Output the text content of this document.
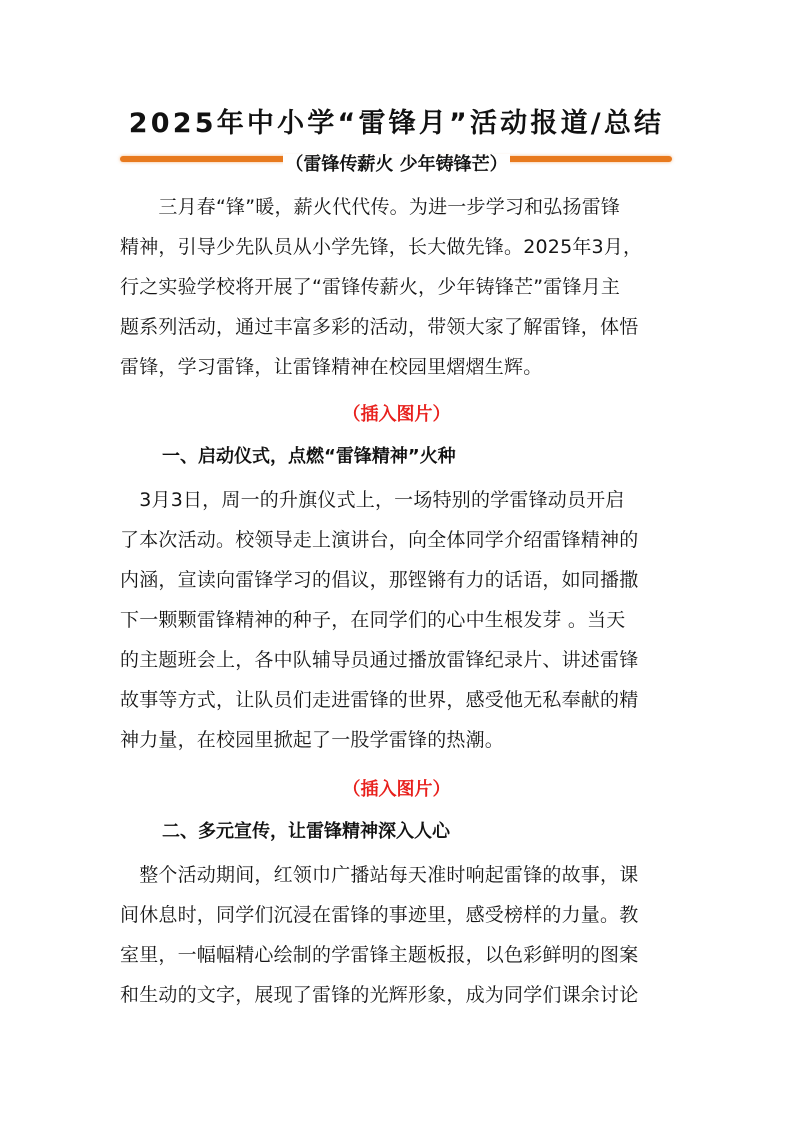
2025年中小学“雷锋月”活动报道/总结
（雷锋传薪火 少年铸锋芒）
　　三月春“锋”暖，薪火代代传。为进一步学习和弘扬雷锋
精神，引导少先队员从小学先锋，长大做先锋。2025年3月，
行之实验学校将开展了“雷锋传薪火，少年铸锋芒”雷锋月主
题系列活动，通过丰富多彩的活动，带领大家了解雷锋，体悟
雷锋，学习雷锋，让雷锋精神在校园里熠熠生辉。
（插入图片）
一、启动仪式，点燃“雷锋精神”火种
　3月3日，周一的升旗仪式上，一场特别的学雷锋动员开启
了本次活动。校领导走上演讲台，向全体同学介绍雷锋精神的
内涵，宣读向雷锋学习的倡议，那铿锵有力的话语，如同播撒
下一颗颗雷锋精神的种子，在同学们的心中生根发芽 。当天
的主题班会上，各中队辅导员通过播放雷锋纪录片、讲述雷锋
故事等方式，让队员们走进雷锋的世界，感受他无私奉献的精
神力量，在校园里掀起了一股学雷锋的热潮。
（插入图片）
二、多元宣传，让雷锋精神深入人心
　整个活动期间，红领巾广播站每天准时响起雷锋的故事，课
间休息时，同学们沉浸在雷锋的事迹里，感受榜样的力量。教
室里，一幅幅精心绘制的学雷锋主题板报，以色彩鲜明的图案
和生动的文字，展现了雷锋的光辉形象，成为同学们课余讨论
